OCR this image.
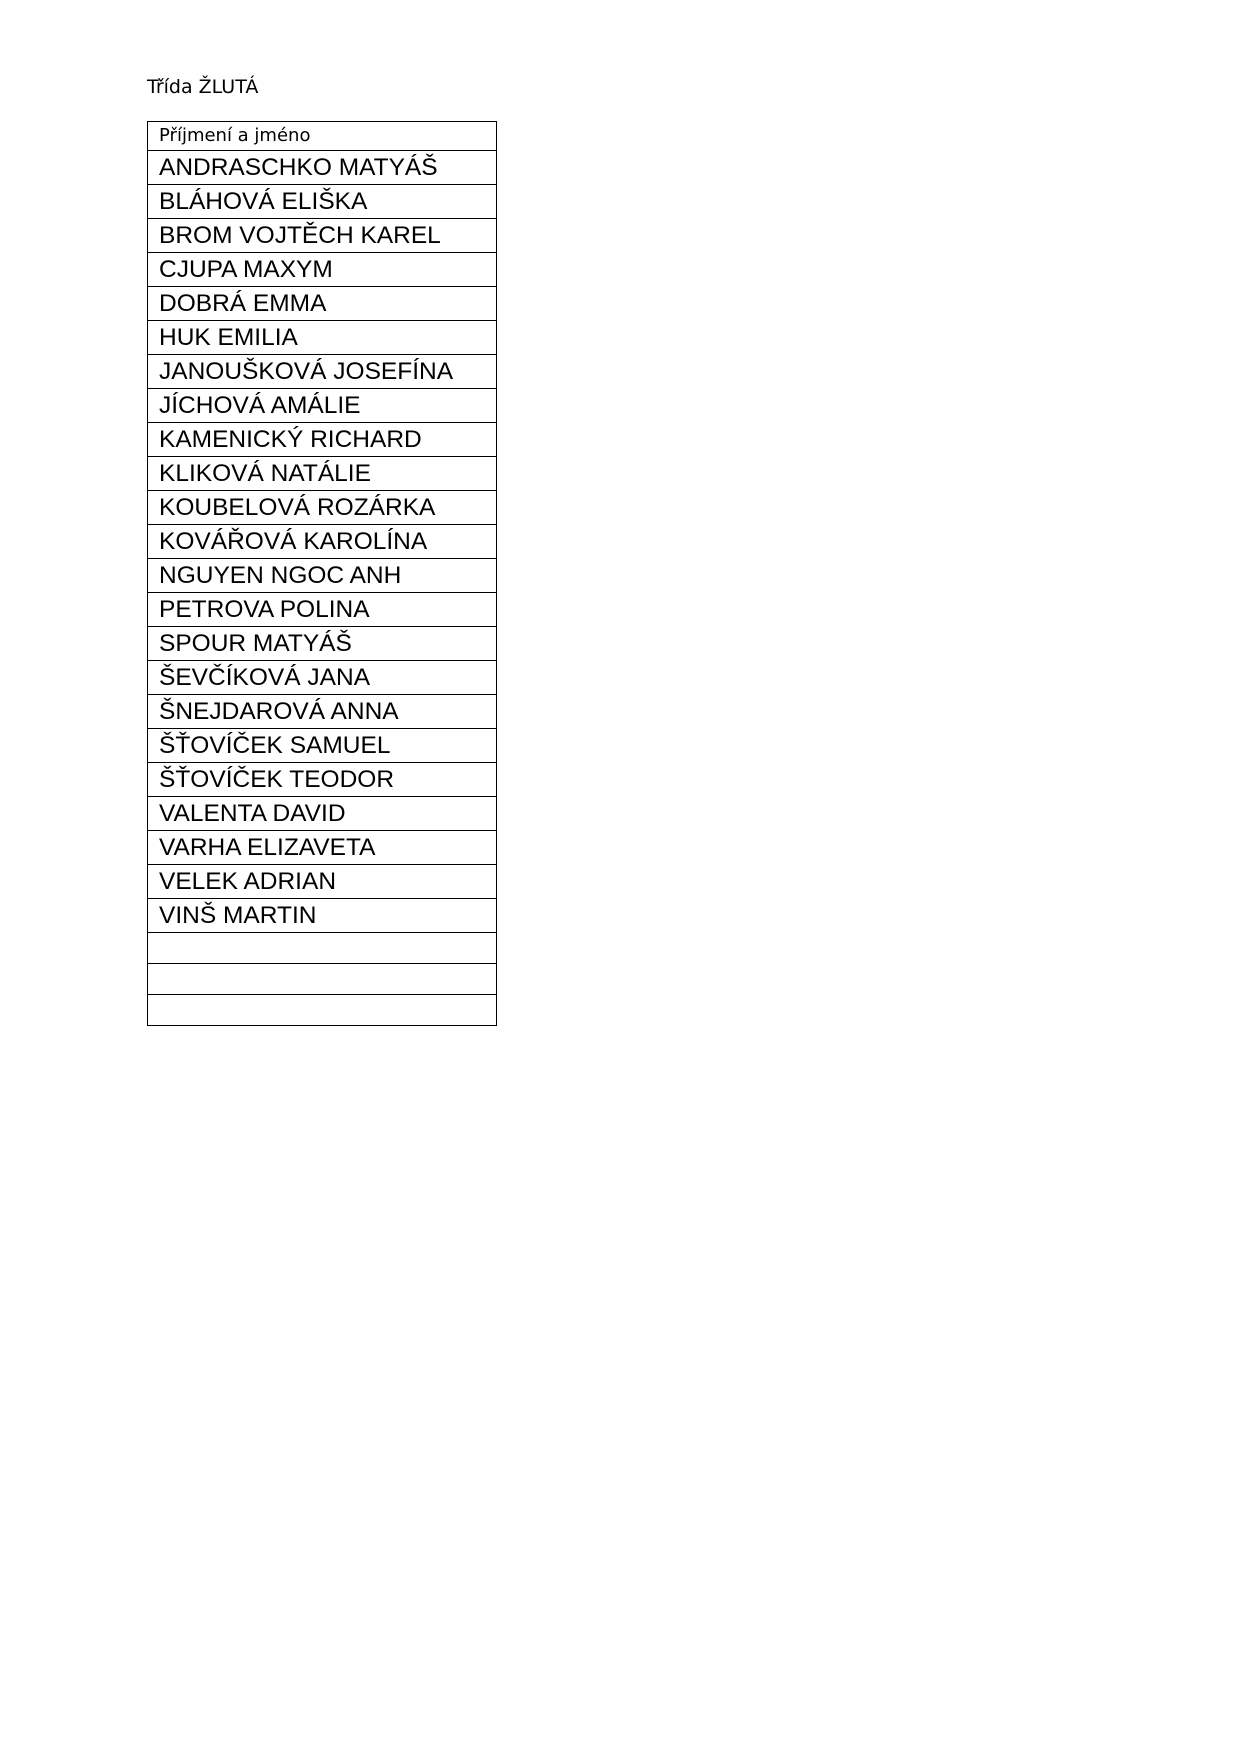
Třída ŽLUTÁ
Příjmení a jméno
ANDRASCHKO MATYÁŠ
BLÁHOVÁ ELIŠKA
BROM VOJTĚCH KAREL
CJUPA MAXYM
DOBRÁ EMMA
HUK EMILIA
JANOUŠKOVÁ JOSEFÍNA
JÍCHOVÁ AMÁLIE
KAMENICKÝ RICHARD
KLIKOVÁ NATÁLIE
KOUBELOVÁ ROZÁRKA
KOVÁŘOVÁ KAROLÍNA
NGUYEN NGOC ANH
PETROVA POLINA
SPOUR MATYÁŠ
ŠEVČÍKOVÁ JANA
ŠNEJDAROVÁ ANNA
ŠŤOVÍČEK SAMUEL
ŠŤOVÍČEK TEODOR
VALENTA DAVID
VARHA ELIZAVETA
VELEK ADRIAN
VINŠ MARTIN
